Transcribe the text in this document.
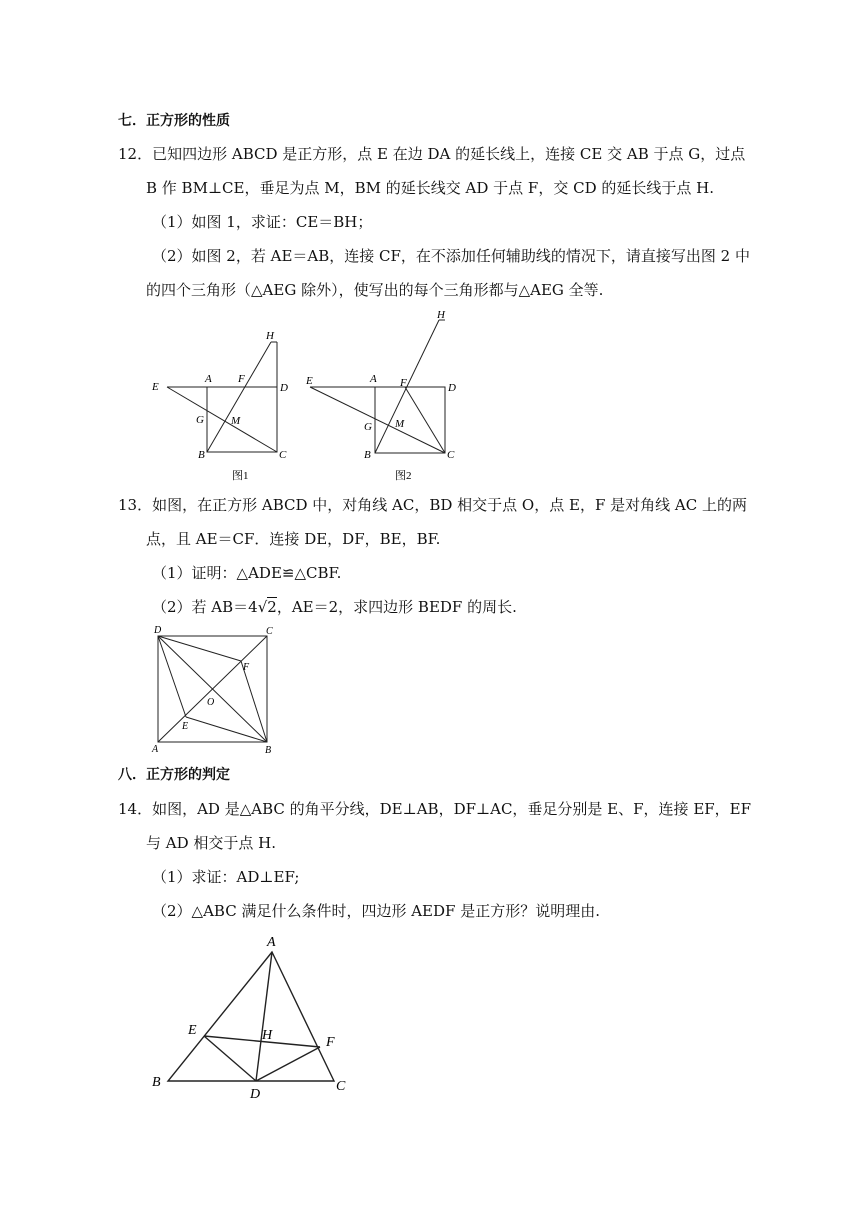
七．正方形的性质
12．已知四边形 ABCD 是正方形，点 E 在边 DA 的延长线上，连接 CE 交 AB 于点 G，过点
B 作 BM⊥CE，垂足为点 M，BM 的延长线交 AD 于点 F，交 CD 的延长线于点 H.
（1）如图 1，求证：CE＝BH；
（2）如图 2，若 AE＝AB，连接 CF，在不添加任何辅助线的情况下，请直接写出图 2 中
的四个三角形（△AEG 除外），使写出的每个三角形都与△AEG 全等.
H
E
A F
D
G M
B	C
图1
H
E	A F	D
G M
B	C
图2
13．如图，在正方形 ABCD 中，对角线 AC，BD 相交于点 O，点 E，F 是对角线 AC 上的两
点，且 AE＝CF．连接 DE，DF，BE，BF.
（1）证明：△ADE≌△CBF.
（2）若 AB＝4√2，AE＝2，求四边形 BEDF 的周长.
D	C
F
O
E
A	B
八．正方形的判定
14．如图，AD 是△ABC 的角平分线，DE⊥AB，DF⊥AC，垂足分别是 E、F，连接 EF，EF
与 AD 相交于点 H.
（1）求证：AD⊥EF;
（2）△ABC 满足什么条件时，四边形 AEDF 是正方形？说明理由.
A
E	H	F
B
D
C
